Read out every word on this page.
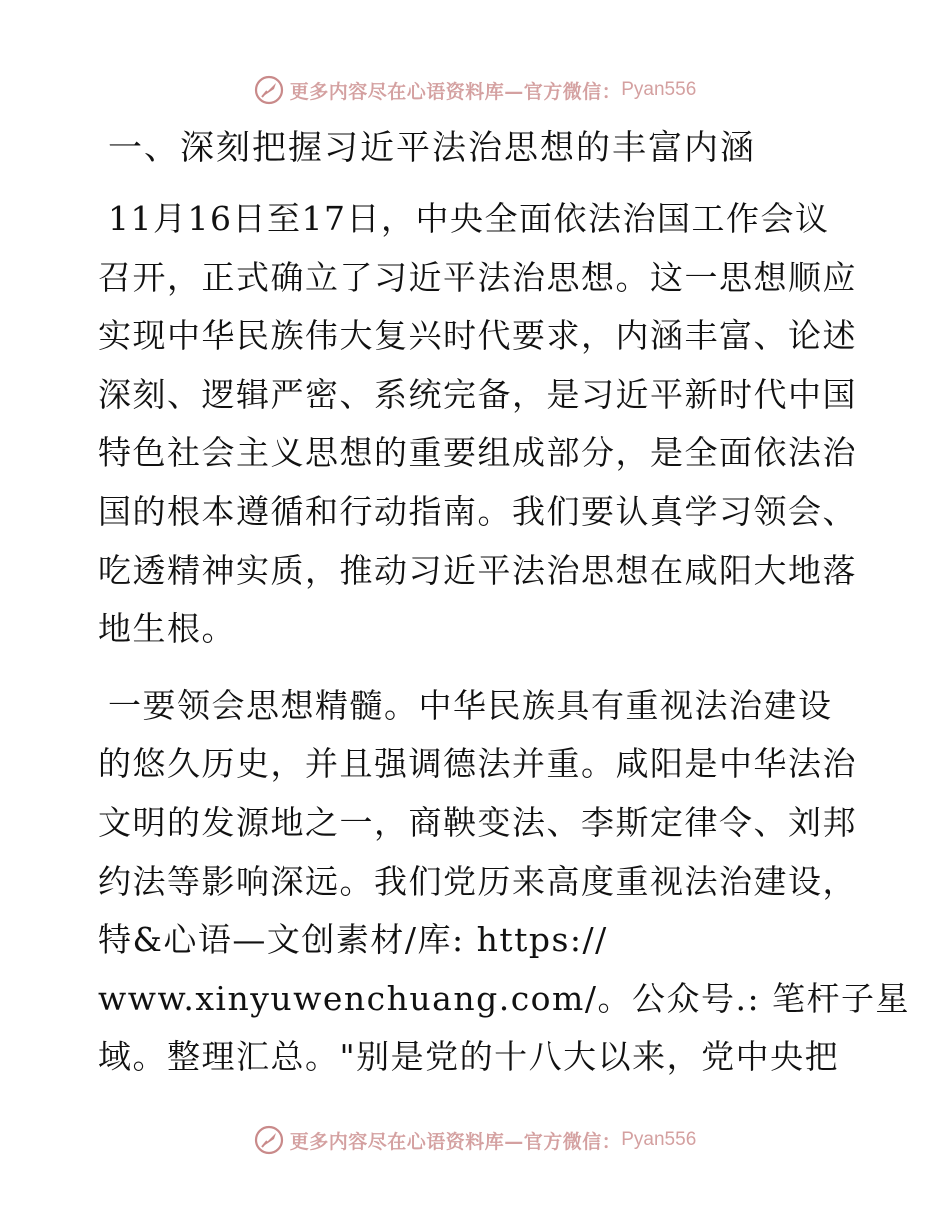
更多内容尽在心语资料库—官方微信： Pyan556
一、深刻把握习近平法治思想的丰富内涵
11月16日至17日，中央全面依法治国工作会议
召开，正式确立了习近平法治思想。这一思想顺应
实现中华民族伟大复兴时代要求，内涵丰富、论述
深刻、逻辑严密、系统完备，是习近平新时代中国
特色社会主义思想的重要组成部分，是全面依法治
国的根本遵循和行动指南。我们要认真学习领会、
吃透精神实质，推动习近平法治思想在咸阳大地落
地生根。
一要领会思想精髓。中华民族具有重视法治建设
的悠久历史，并且强调德法并重。咸阳是中华法治
文明的发源地之一，商鞅变法、李斯定律令、刘邦
约法等影响深远。我们党历来高度重视法治建设，
特&心语—文创素材/库: https://
www.xinyuwenchuang.com/。公众号.: 笔杆子星
域。整理汇总。"别是党的十八大以来，党中央把
更多内容尽在心语资料库—官方微信： Pyan556
